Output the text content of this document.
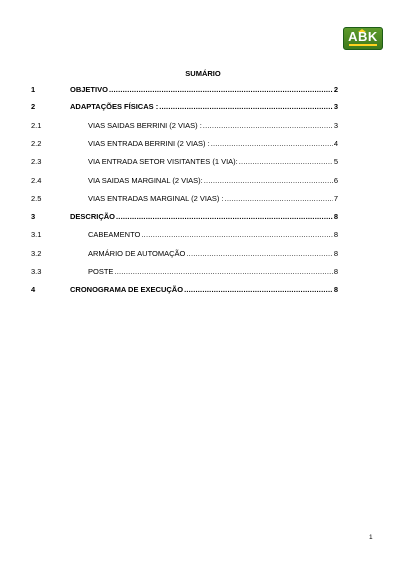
ABK
SUMÁRIO
1	OBJETIVO .....	2
2	ADAPTAÇÕES FÍSICAS : .....	3
2.1	VIAS SAIDAS BERRINI (2 VIAS) : .....	3
2.2	VIAS ENTRADA BERRINI (2 VIAS) : .....	4
2.3	VIA ENTRADA SETOR VISITANTES (1 VIA): .....	5
2.4	VIA SAIDAS MARGINAL (2 VIAS): .....	6
2.5	VIAS ENTRADAS MARGINAL (2 VIAS) : .....	7
3	DESCRIÇÃO .....	8
3.1	CABEAMENTO .....	8
3.2	ARMÁRIO DE AUTOMAÇÃO .....	8
3.3	POSTE .....	8
4	CRONOGRAMA DE EXECUÇÃO .....	8
1
